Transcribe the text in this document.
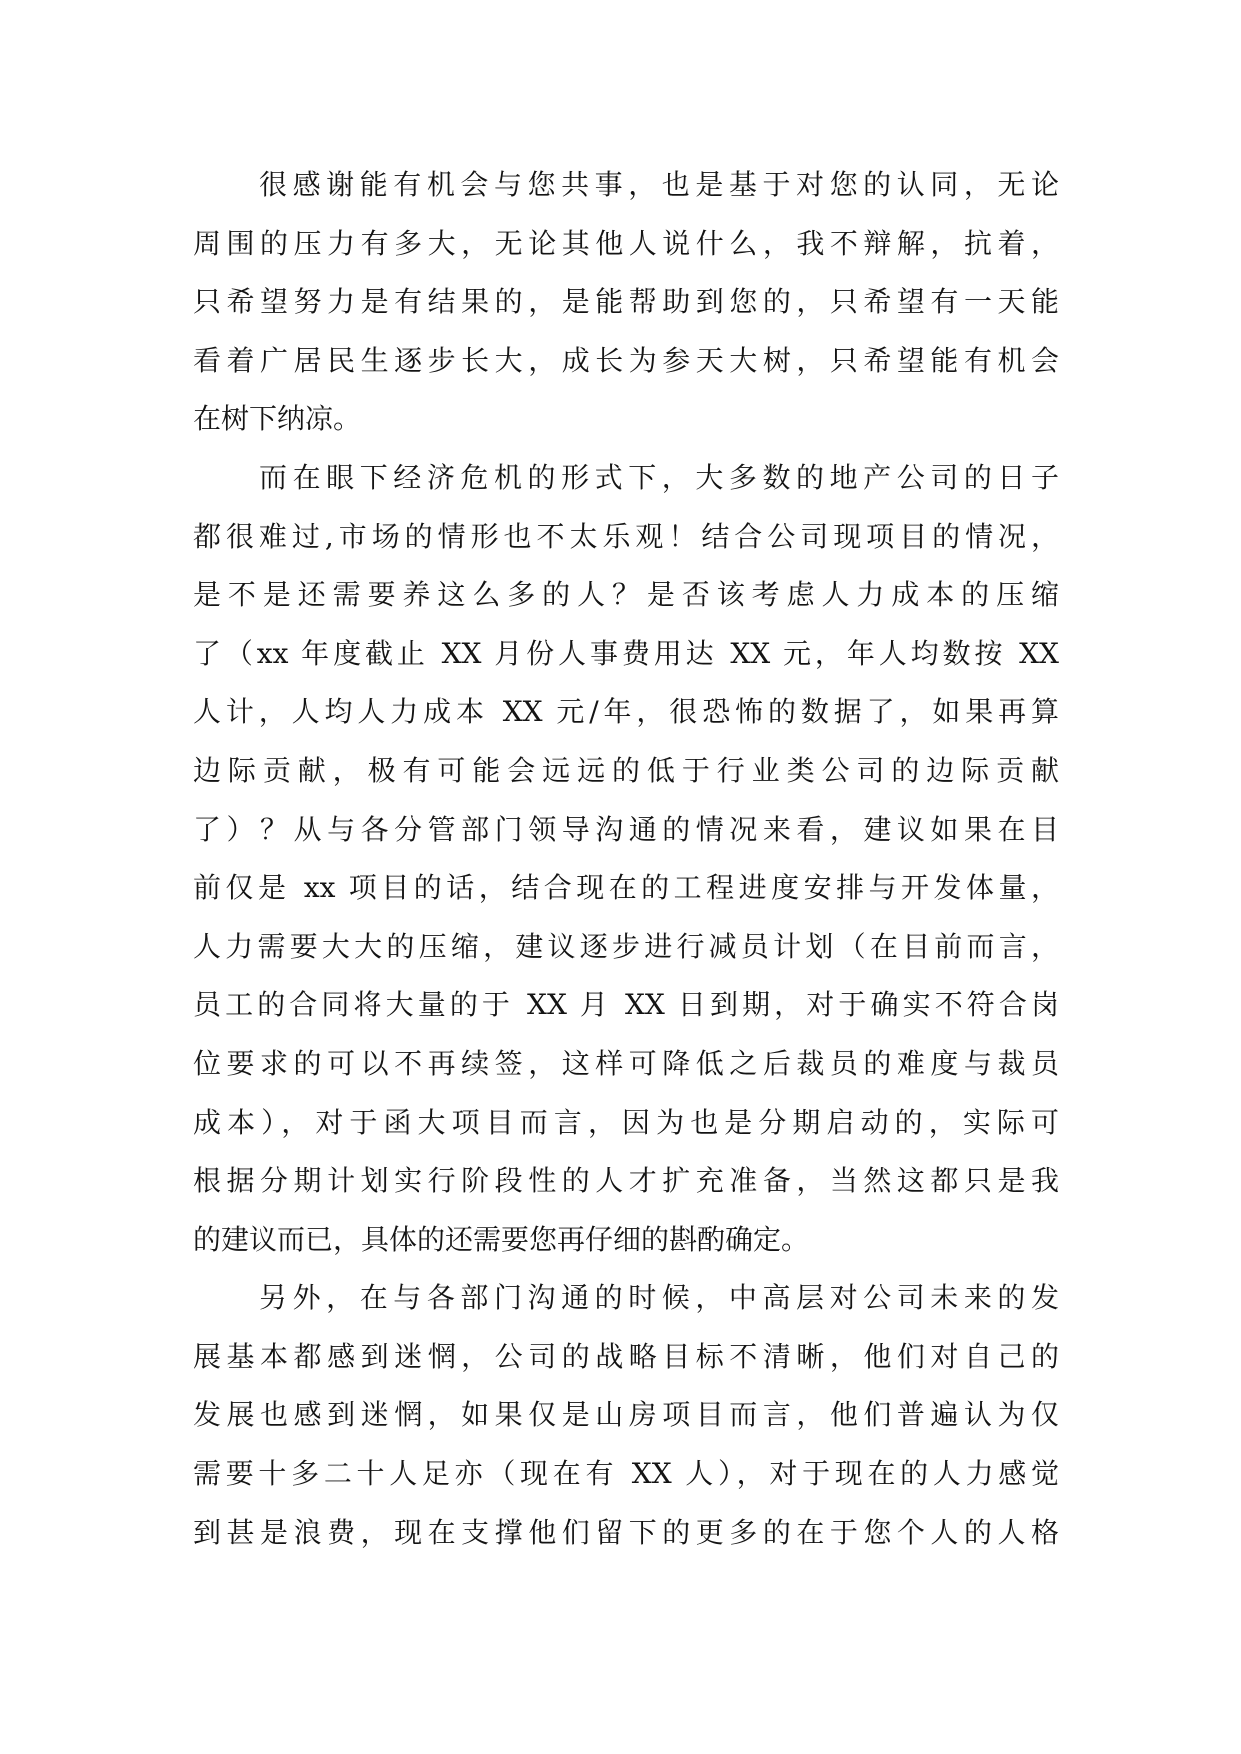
很感谢能有机会与您共事，也是基于对您的认同，无论
周围的压力有多大，无论其他人说什么，我不辩解，抗着，
只希望努力是有结果的，是能帮助到您的，只希望有一天能
看着广居民生逐步长大，成长为参天大树，只希望能有机会
在树下纳凉。
而在眼下经济危机的形式下，大多数的地产公司的日子
都很难过,市场的情形也不太乐观！结合公司现项目的情况，
是不是还需要养这么多的人？是否该考虑人力成本的压缩
了（xx 年度截止 XX 月份人事费用达 XX 元，年人均数按 XX
人计，人均人力成本 XX 元/年，很恐怖的数据了，如果再算
边际贡献，极有可能会远远的低于行业类公司的边际贡献
了）？从与各分管部门领导沟通的情况来看，建议如果在目
前仅是 xx 项目的话，结合现在的工程进度安排与开发体量，
人力需要大大的压缩，建议逐步进行减员计划（在目前而言，
员工的合同将大量的于 XX 月 XX 日到期，对于确实不符合岗
位要求的可以不再续签，这样可降低之后裁员的难度与裁员
成本），对于函大项目而言，因为也是分期启动的，实际可
根据分期计划实行阶段性的人才扩充准备，当然这都只是我
的建议而已，具体的还需要您再仔细的斟酌确定。
另外，在与各部门沟通的时候，中高层对公司未来的发
展基本都感到迷惘，公司的战略目标不清晰，他们对自己的
发展也感到迷惘，如果仅是山房项目而言，他们普遍认为仅
需要十多二十人足亦（现在有 XX 人），对于现在的人力感觉
到甚是浪费，现在支撑他们留下的更多的在于您个人的人格
